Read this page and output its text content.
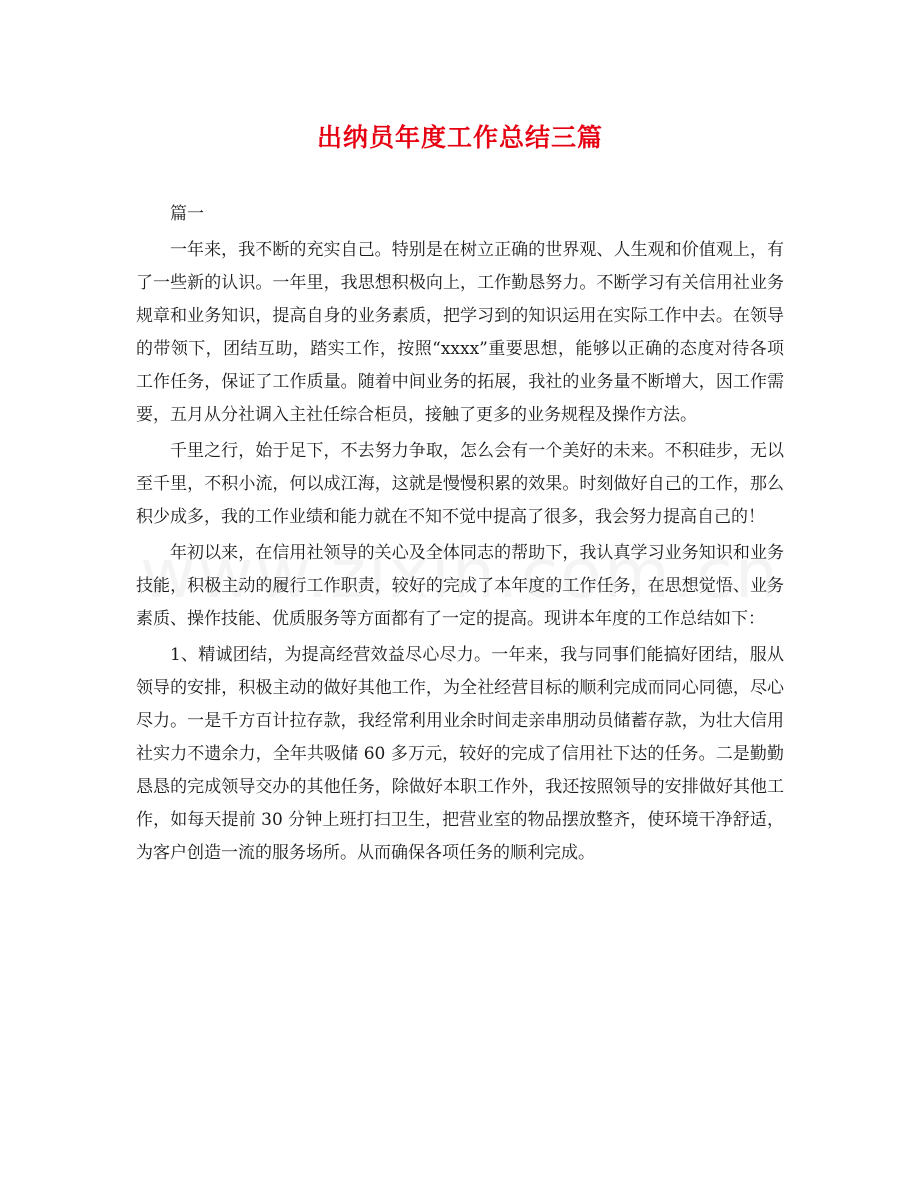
出纳员年度工作总结三篇

篇一

一年来，我不断的充实自己。特别是在树立正确的世界观、人生观和价值观上，有了一些新的认识。一年里，我思想积极向上，工作勤恳努力。不断学习有关信用社业务规章和业务知识，提高自身的业务素质，把学习到的知识运用在实际工作中去。在领导的带领下，团结互助，踏实工作，按照“xxxx”重要思想，能够以正确的态度对待各项工作任务，保证了工作质量。随着中间业务的拓展，我社的业务量不断增大，因工作需要，五月从分社调入主社任综合柜员，接触了更多的业务规程及操作方法。

千里之行，始于足下，不去努力争取，怎么会有一个美好的未来。不积硅步，无以至千里，不积小流，何以成江海，这就是慢慢积累的效果。时刻做好自己的工作，那么积少成多，我的工作业绩和能力就在不知不觉中提高了很多，我会努力提高自己的！

年初以来，在信用社领导的关心及全体同志的帮助下，我认真学习业务知识和业务技能，积极主动的履行工作职责，较好的完成了本年度的工作任务，在思想觉悟、业务素质、操作技能、优质服务等方面都有了一定的提高。现讲本年度的工作总结如下：

1、精诚团结，为提高经营效益尽心尽力。一年来，我与同事们能搞好团结，服从领导的安排，积极主动的做好其他工作，为全社经营目标的顺利完成而同心同德，尽心尽力。一是千方百计拉存款，我经常利用业余时间走亲串朋动员储蓄存款，为壮大信用社实力不遗余力，全年共吸储 60 多万元，较好的完成了信用社下达的任务。二是勤勤恳恳的完成领导交办的其他任务，除做好本职工作外，我还按照领导的安排做好其他工作，如每天提前 30 分钟上班打扫卫生，把营业室的物品摆放整齐，使环境干净舒适，为客户创造一流的服务场所。从而确保各项任务的顺利完成。
